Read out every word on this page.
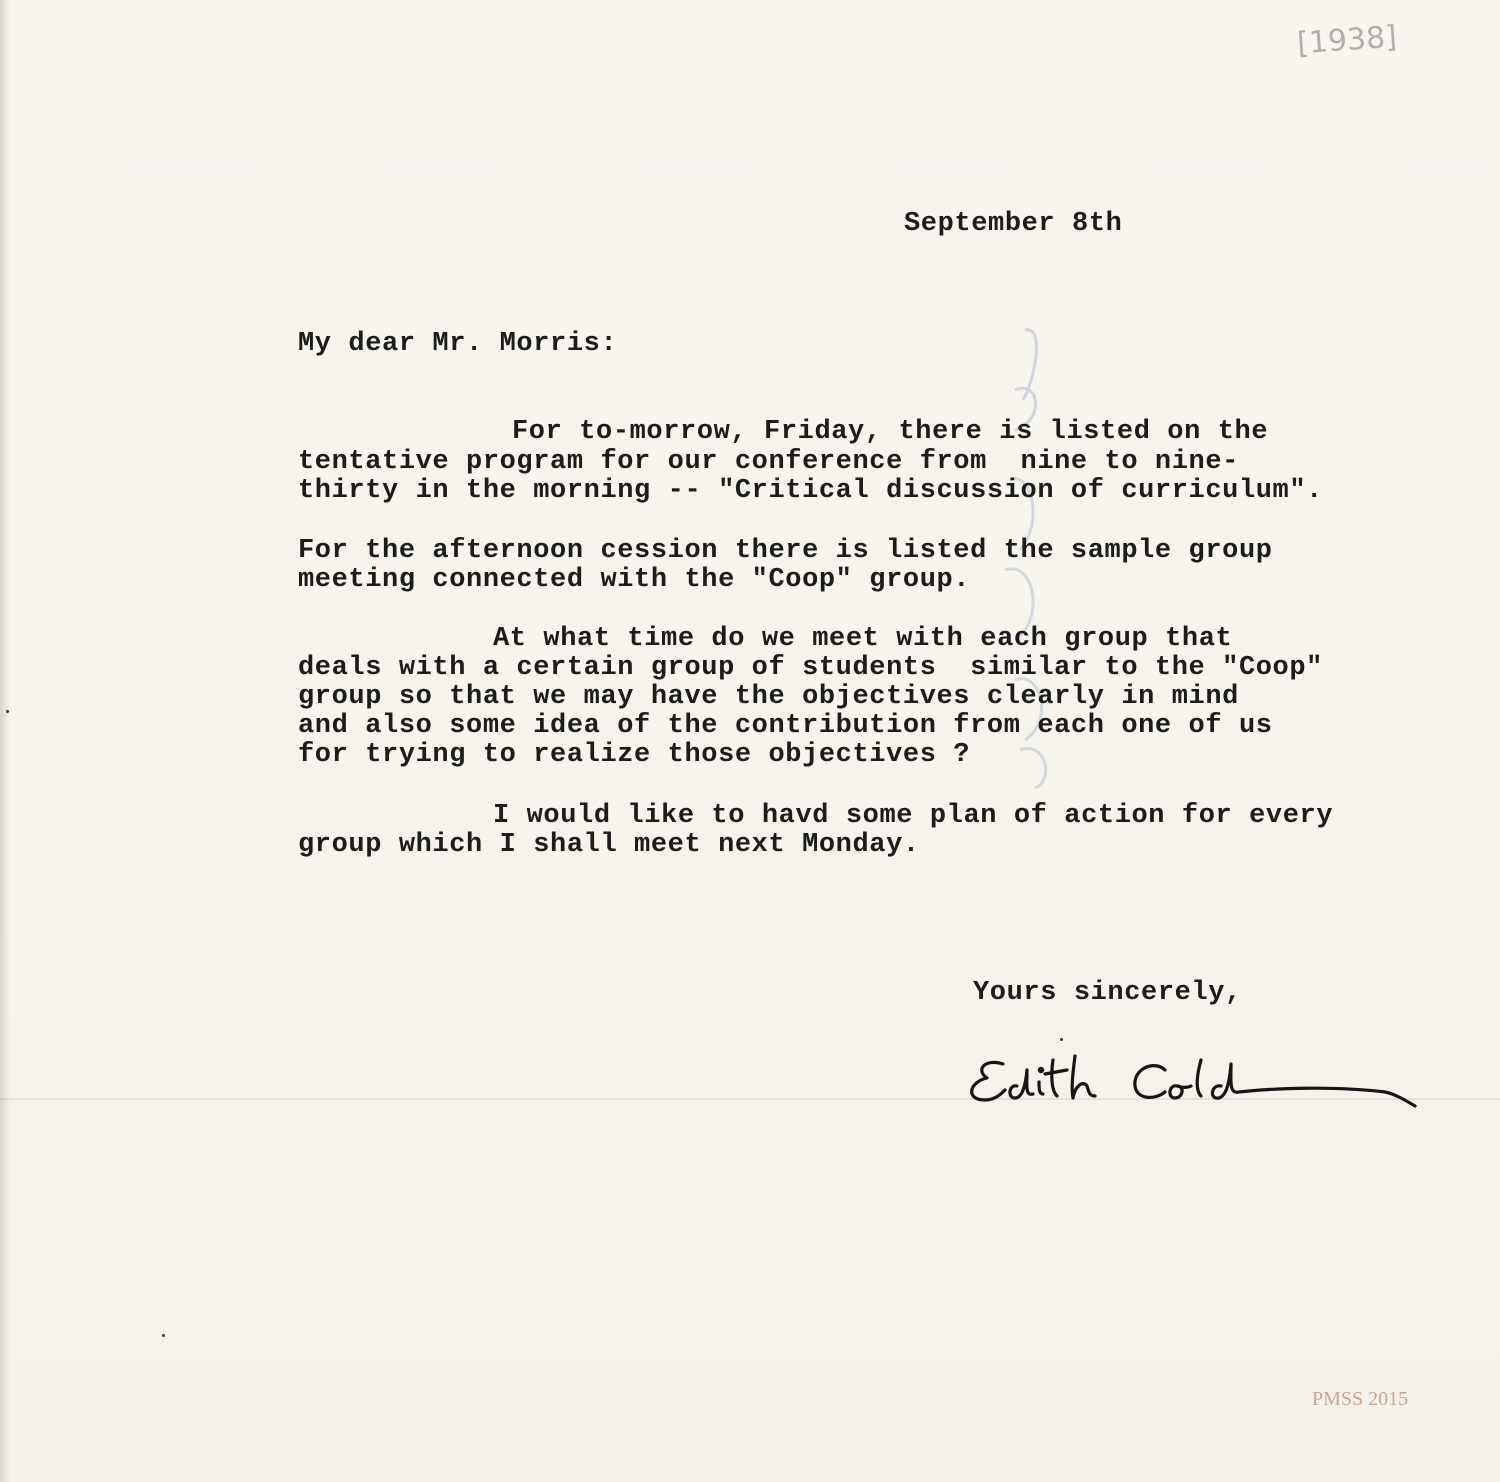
[1938]
September 8th
My dear Mr. Morris:
For to-morrow, Friday, there is listed on the
tentative program for our conference from  nine to nine-
thirty in the morning -- "Critical discussion of curriculum".
For the afternoon cession there is listed the sample group
meeting connected with the "Coop" group.
At what time do we meet with each group that
deals with a certain group of students  similar to the "Coop"
group so that we may have the objectives clearly in mind
and also some idea of the contribution from each one of us
for trying to realize those objectives ?
I would like to havd some plan of action for every
group which I shall meet next Monday.
Yours sincerely,
PMSS 2015
